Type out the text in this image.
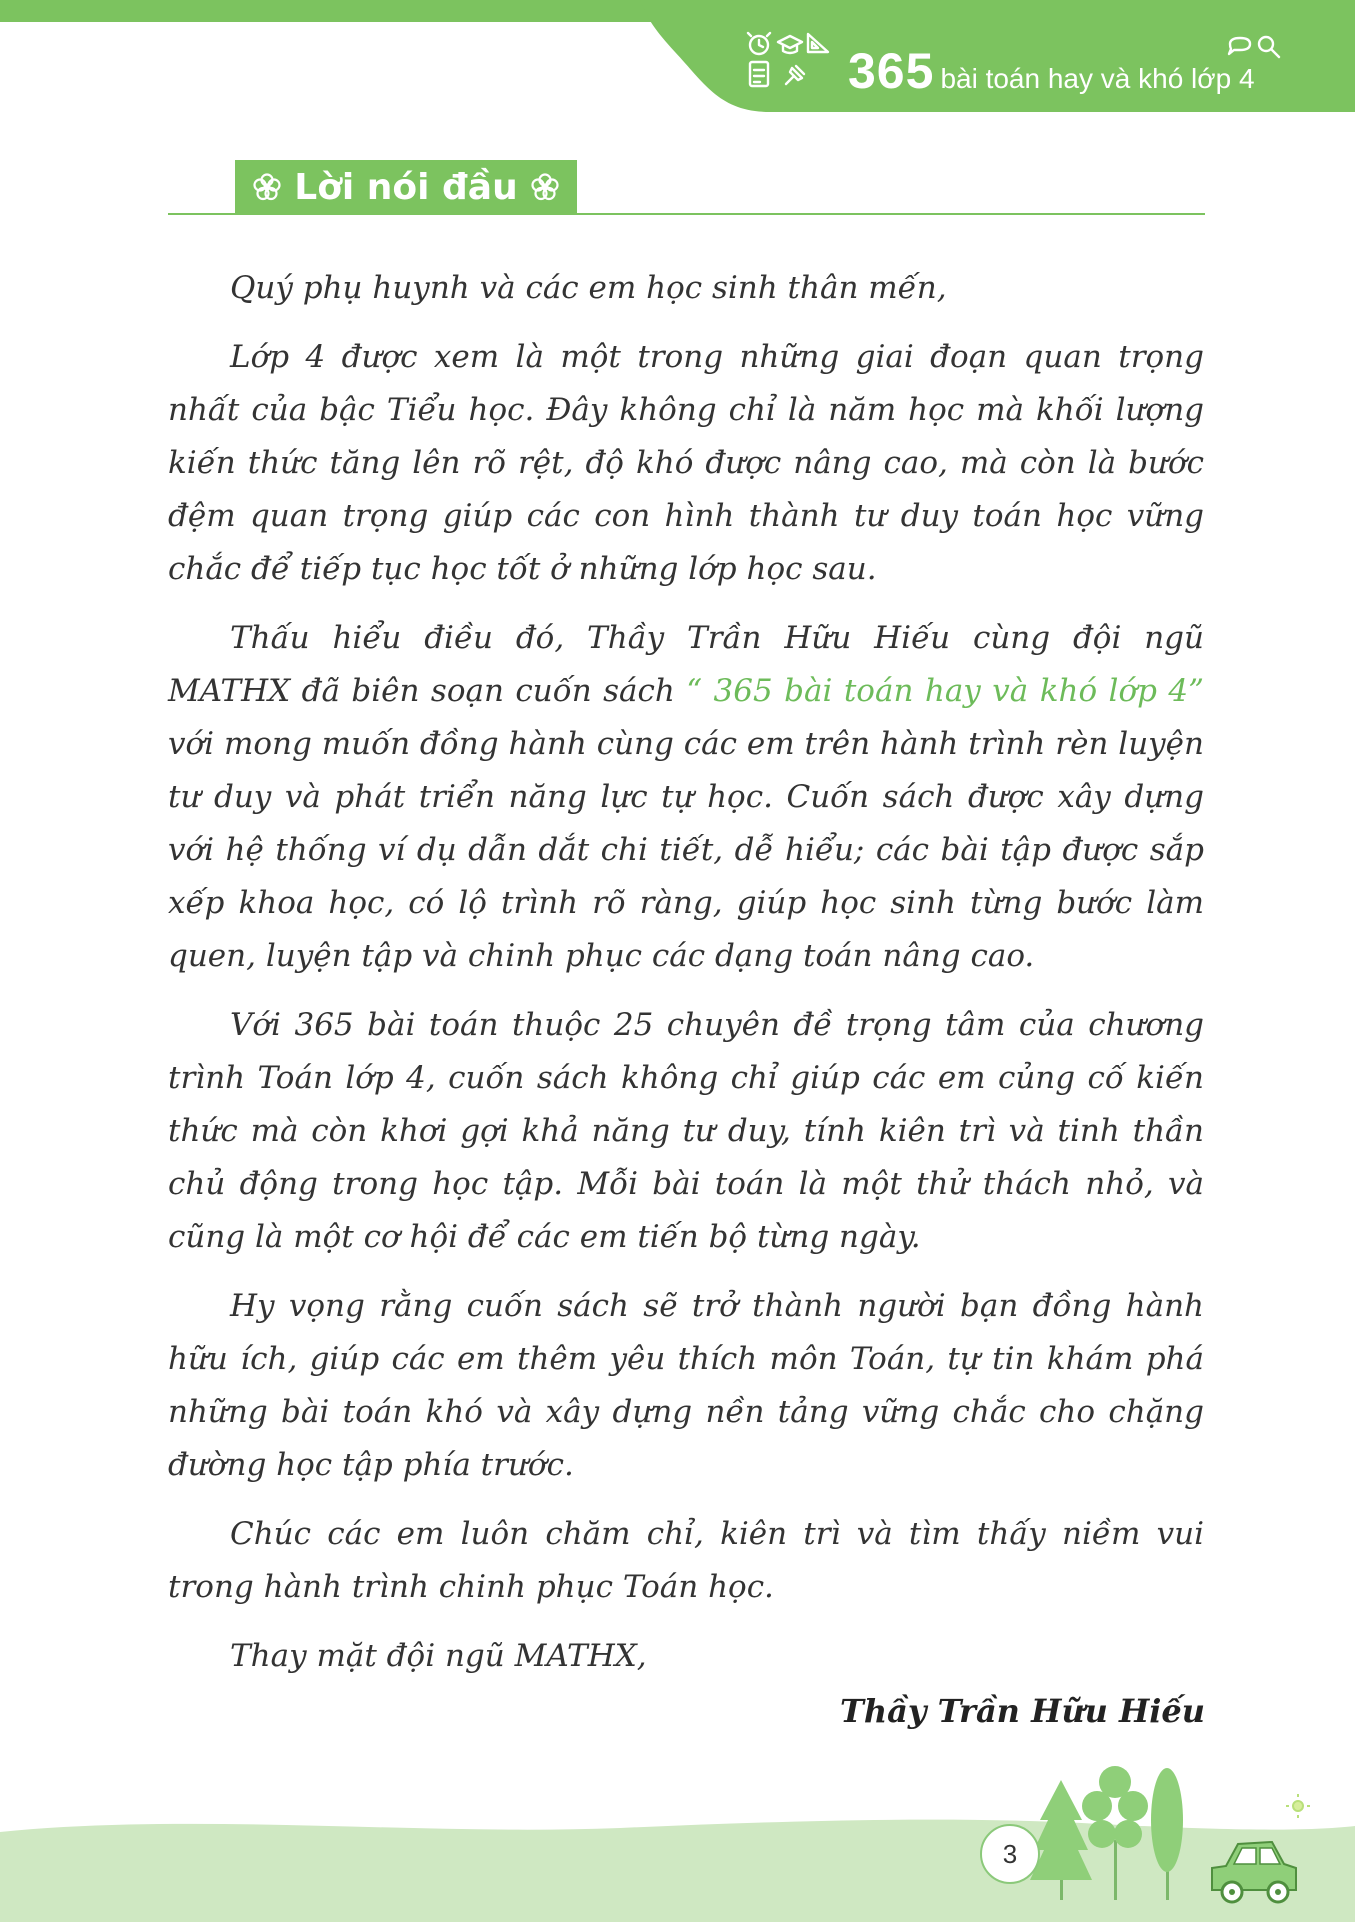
365 bài toán hay và khó lớp 4
Lời nói đầu

Quý phụ huynh và các em học sinh thân mến,

Lớp 4 được xem là một trong những giai đoạn quan trọng nhất của bậc Tiểu học. Đây không chỉ là năm học mà khối lượng kiến thức tăng lên rõ rệt, độ khó được nâng cao, mà còn là bước đệm quan trọng giúp các con hình thành tư duy toán học vững chắc để tiếp tục học tốt ở những lớp học sau.

Thấu hiểu điều đó, Thầy Trần Hữu Hiếu cùng đội ngũ MATHX đã biên soạn cuốn sách “ 365 bài toán hay và khó lớp 4” với mong muốn đồng hành cùng các em trên hành trình rèn luyện tư duy và phát triển năng lực tự học. Cuốn sách được xây dựng với hệ thống ví dụ dẫn dắt chi tiết, dễ hiểu; các bài tập được sắp xếp khoa học, có lộ trình rõ ràng, giúp học sinh từng bước làm quen, luyện tập và chinh phục các dạng toán nâng cao.

Với 365 bài toán thuộc 25 chuyên đề trọng tâm của chương trình Toán lớp 4, cuốn sách không chỉ giúp các em củng cố kiến thức mà còn khơi gợi khả năng tư duy, tính kiên trì và tinh thần chủ động trong học tập. Mỗi bài toán là một thử thách nhỏ, và cũng là một cơ hội để các em tiến bộ từng ngày.

Hy vọng rằng cuốn sách sẽ trở thành người bạn đồng hành hữu ích, giúp các em thêm yêu thích môn Toán, tự tin khám phá những bài toán khó và xây dựng nền tảng vững chắc cho chặng đường học tập phía trước.

Chúc các em luôn chăm chỉ, kiên trì và tìm thấy niềm vui trong hành trình chinh phục Toán học.

Thay mặt đội ngũ MATHX,

Thầy Trần Hữu Hiếu
3
